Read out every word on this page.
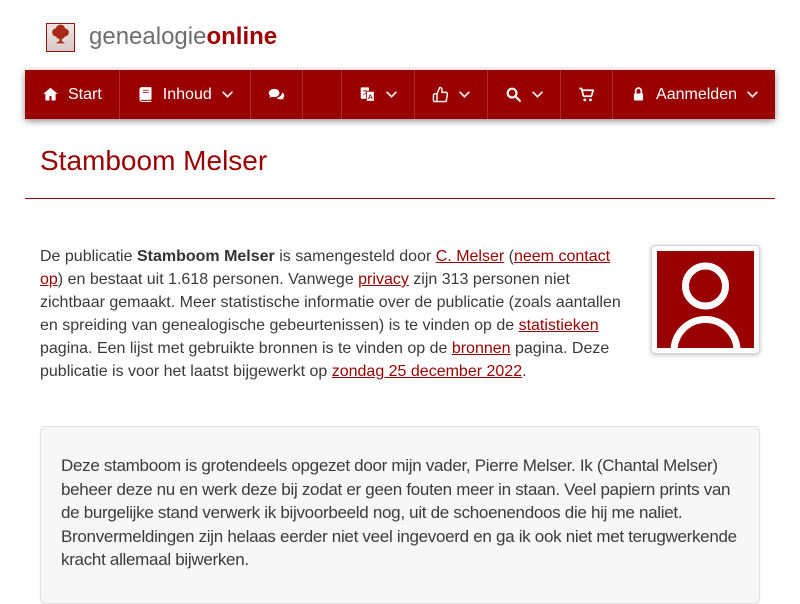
genealogieonline
Start	Inhoud	A	Aanmelden
Stamboom Melser

De publicatie Stamboom Melser is samengesteld door C. Melser (neem contact op) en bestaat uit 1.618 personen. Vanwege privacy zijn 313 personen niet zichtbaar gemaakt. Meer statistische informatie over de publicatie (zoals aantallen en spreiding van genealogische gebeurtenissen) is te vinden op de statistieken pagina. Een lijst met gebruikte bronnen is te vinden op de bronnen pagina. Deze publicatie is voor het laatst bijgewerkt op zondag 25 december 2022.

Deze stamboom is grotendeels opgezet door mijn vader, Pierre Melser. Ik (Chantal Melser) beheer deze nu en werk deze bij zodat er geen fouten meer in staan. Veel papiern prints van de burgelijke stand verwerk ik bijvoorbeeld nog, uit de schoenendoos die hij me naliet. Bronvermeldingen zijn helaas eerder niet veel ingevoerd en ga ik ook niet met terugwerkende kracht allemaal bijwerken.
